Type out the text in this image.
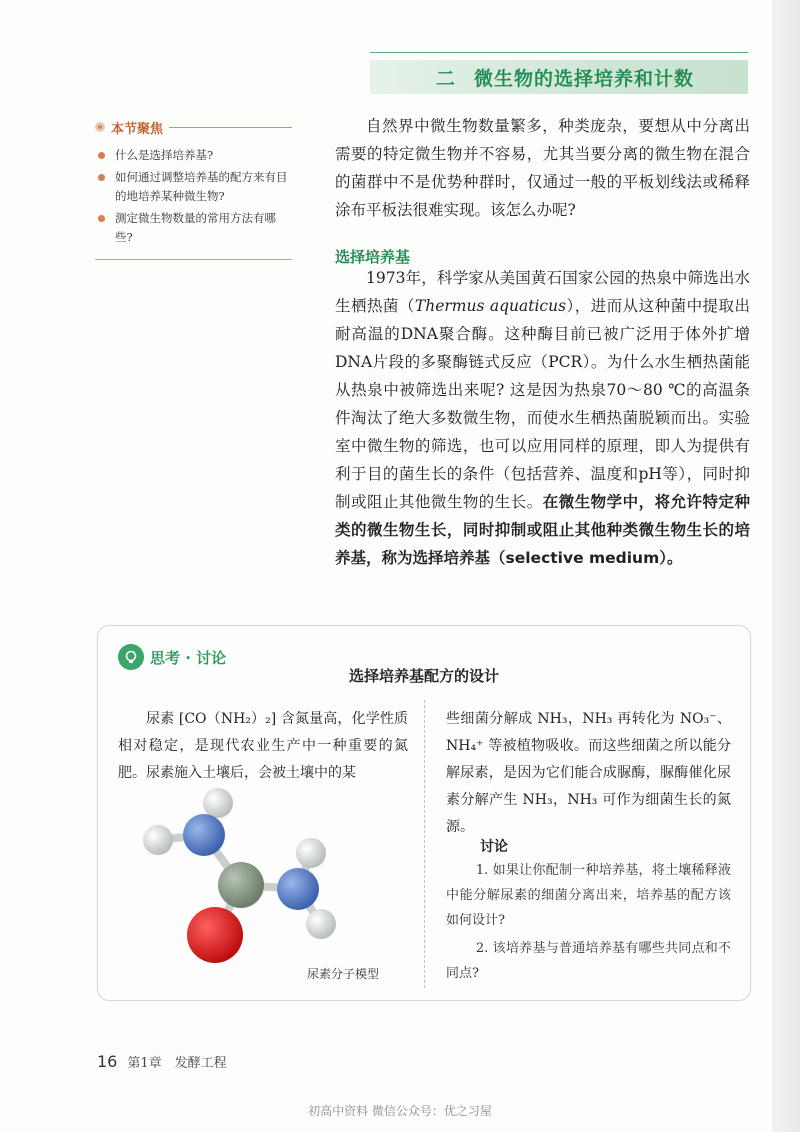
二 微生物的选择培养和计数
本节聚焦
什么是选择培养基?
如何通过调整培养基的配方来有目的地培养某种微生物?
测定微生物数量的常用方法有哪些?

自然界中微生物数量繁多，种类庞杂，要想从中分离出需要的特定微生物并不容易，尤其当要分离的微生物在混合的菌群中不是优势种群时，仅通过一般的平板划线法或稀释涂布平板法很难实现。该怎么办呢?

选择培养基

1973年，科学家从美国黄石国家公园的热泉中筛选出水生栖热菌（Thermus aquaticus），进而从这种菌中提取出耐高温的DNA聚合酶。这种酶目前已被广泛用于体外扩增DNA片段的多聚酶链式反应（PCR）。为什么水生栖热菌能从热泉中被筛选出来呢? 这是因为热泉70～80 ℃的高温条件淘汰了绝大多数微生物，而使水生栖热菌脱颖而出。实验室中微生物的筛选，也可以应用同样的原理，即人为提供有利于目的菌生长的条件（包括营养、温度和pH等），同时抑制或阻止其他微生物的生长。在微生物学中，将允许特定种类的微生物生长，同时抑制或阻止其他种类微生物生长的培养基，称为选择培养基（selective medium）。

思考 · 讨论
选择培养基配方的设计

尿素 [CO（NH₂）₂] 含氮量高，化学性质相对稳定，是现代农业生产中一种重要的氮肥。尿素施入土壤后，会被土壤中的某

些细菌分解成 NH₃，NH₃ 再转化为 NO₃⁻、NH₄⁺ 等被植物吸收。而这些细菌之所以能分解尿素，是因为它们能合成脲酶，脲酶催化尿素分解产生 NH₃，NH₃ 可作为细菌生长的氮源。

讨论

1. 如果让你配制一种培养基，将土壤稀释液中能分解尿素的细菌分离出来，培养基的配方该如何设计?

2. 该培养基与普通培养基有哪些共同点和不同点?

尿素分子模型
16 第1章　发酵工程
初高中资料 微信公众号：优之习屋
